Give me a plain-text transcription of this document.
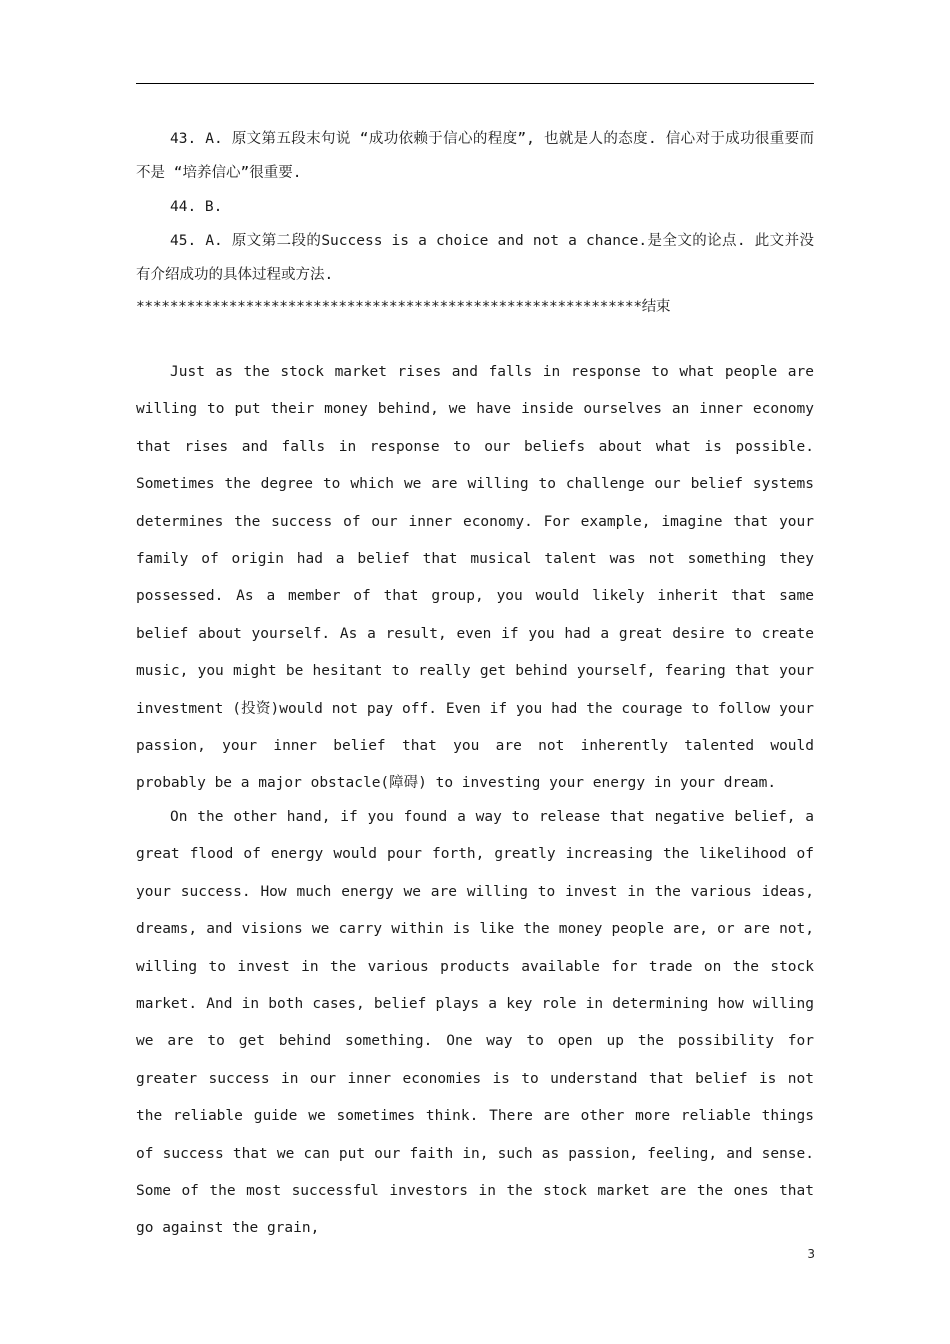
43. A. 原文第五段末句说 “成功依赖于信心的程度”, 也就是人的态度. 信心对于成功很重要而不是 “培养信心”很重要.

44. B.

45. A. 原文第二段的Success is a choice and not a chance.是全文的论点. 此文并没有介绍成功的具体过程或方法.

************************************************************结束

Just as the stock market rises and falls in response to what people are willing to put their money behind, we have inside ourselves an inner economy that rises and falls in response to our beliefs about what is possible. Sometimes the degree to which we are willing to challenge our belief systems determines the success of our inner economy. For example, imagine that your family of origin had a belief that musical talent was not something they possessed. As a member of that group, you would likely inherit that same belief about yourself. As a result, even if you had a great desire to create music, you might be hesitant to really get behind yourself, fearing that your investment (投资)would not pay off. Even if you had the courage to follow your passion, your inner belief that you are not inherently talented would probably be a major obstacle(障碍) to investing your energy in your dream.

On the other hand, if you found a way to release that negative belief, a great flood of energy would pour forth, greatly increasing the likelihood of your success. How much energy we are willing to invest in the various ideas, dreams, and visions we carry within is like the money people are, or are not, willing to invest in the various products available for trade on the stock market. And in both cases, belief plays a key role in determining how willing we are to get behind something. One way to open up the possibility for greater success in our inner economies is to understand that belief is not the reliable guide we sometimes think. There are other more reliable things of success that we can put our faith in, such as passion, feeling, and sense. Some of the most successful investors in the stock market are the ones that go against the grain,

3
